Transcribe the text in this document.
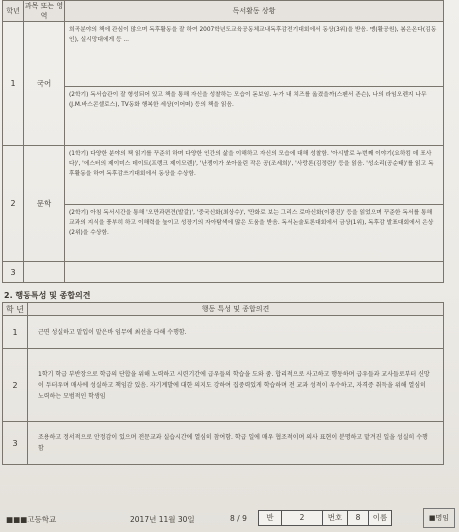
학년	과목 또는 영역	독서활동 상황
1	국어	희곡분야의 책에 관심이 많으며 독후활동을 잘 하여 2007학년도교육공동체교내독후감전기대회에서 동상(3위)을 받음. 맹(활공원), 봄은온다(김동인), 실시망대에게 등 ...
		(2학기) 독서습관이 잘 형성되어 있고 책을 통해 자신을 성찰하는 모습이 돋보임. 누가 내 치즈를 옮겼을까(스펜서 존슨), 나의 라임오렌지 나무(J.M.바스콘셀로스), TV동화 행복한 세상(이어떠) 등의 책을 읽음.
2	문학	(1학기) 다양한 분야의 책 읽기를 꾸준히 하며 다양한 인간의 삶을 이해하고 자신의 모습에 대해 성찰함. '아시발로 누번째 이야기(요하킴 데 포사다)', '에스터의 제이미스 데이트(프랭크 제이모렌)', '난쟁이가 쏘아올린 작은 공(조세희)', '사랑론(김정란)' 등을 읽음. '성소리(공순태)'를 읽고 독후활동을 하여 독후감쓰기대회에서 동상을 수상함.
		(2학기) 아침 독서시간을 통해 '오만과편견(발갈)', '중국신화(최상수)', '만화로 보는 그리스 로마신화(이광진)' 등을 읽었으며 꾸준한 독서를 통해 교과의 지식을 풍부히 하고 이해력을 높이고 성장기의 자아탐색에 많은 도움을 받음. 독서논술토론대회에서 금상(1위), 독후감 발표대회에서 은상(2위)을 수상함.
3		
2. 행동특성 및 종합의견
학 년	행동 특성 및 종합의견
1	근면 성실하고 맡입이 맡은바 임무에 최선을 다해 수행함.
2	1학기 학급 부반장으로 학급의 단합을 위해 노력하고 시련기간에 급우들의 학습을 도와 줌. 합리적으로 사고하고 행동하며 급우들과 교사들로부터 신망이 두터우며 매사에 성실하고 책임감 있음. 자기계발에 대한 의지도 강하여 집중력있게 학습하며 전 교과 성적이 우수하고, 자격증 취득을 위해 열심히 노력하는 모범적인 학생임
3	조용하고 정서적으로 안정감이 있으며 전문교과 실습시간에 열심히 참여함. 학급 일에 매우 협조적이며 의사 표현이 분명하고 맡겨진 일을 성실히 수행함
■■■고등학교	2017년 11월 30일	8 / 9	반	2	번호	8	이름	■명임
